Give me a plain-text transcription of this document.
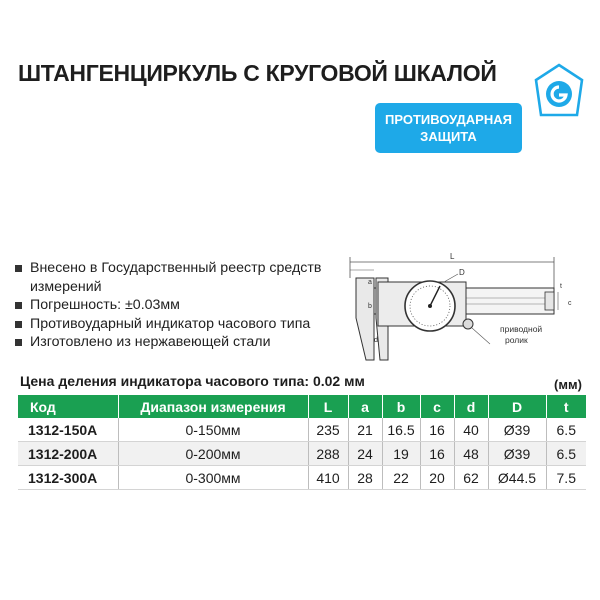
ШТАНГЕНЦИРКУЛЬ С КРУГОВОЙ ШКАЛОЙ
ПРОТИВОУДАРНАЯ
ЗАЩИТА
Внесено в Государственный реестр средств измерений
Погрешность: ±0.03мм
Противоударный индикатор часового типа
Изготовлено из нержавеющей стали
L
D
приводной
ролик
a
b
d
t
c
Цена деления индикатора часового типа: 0.02 мм	(мм)
Код	Диапазон измерения	L	a	b	c	d	D	t
1312-150A	0-150мм	235	21	16.5	16	40	Ø39	6.5
1312-200A	0-200мм	288	24	19	16	48	Ø39	6.5
1312-300A	0-300мм	410	28	22	20	62	Ø44.5	7.5
